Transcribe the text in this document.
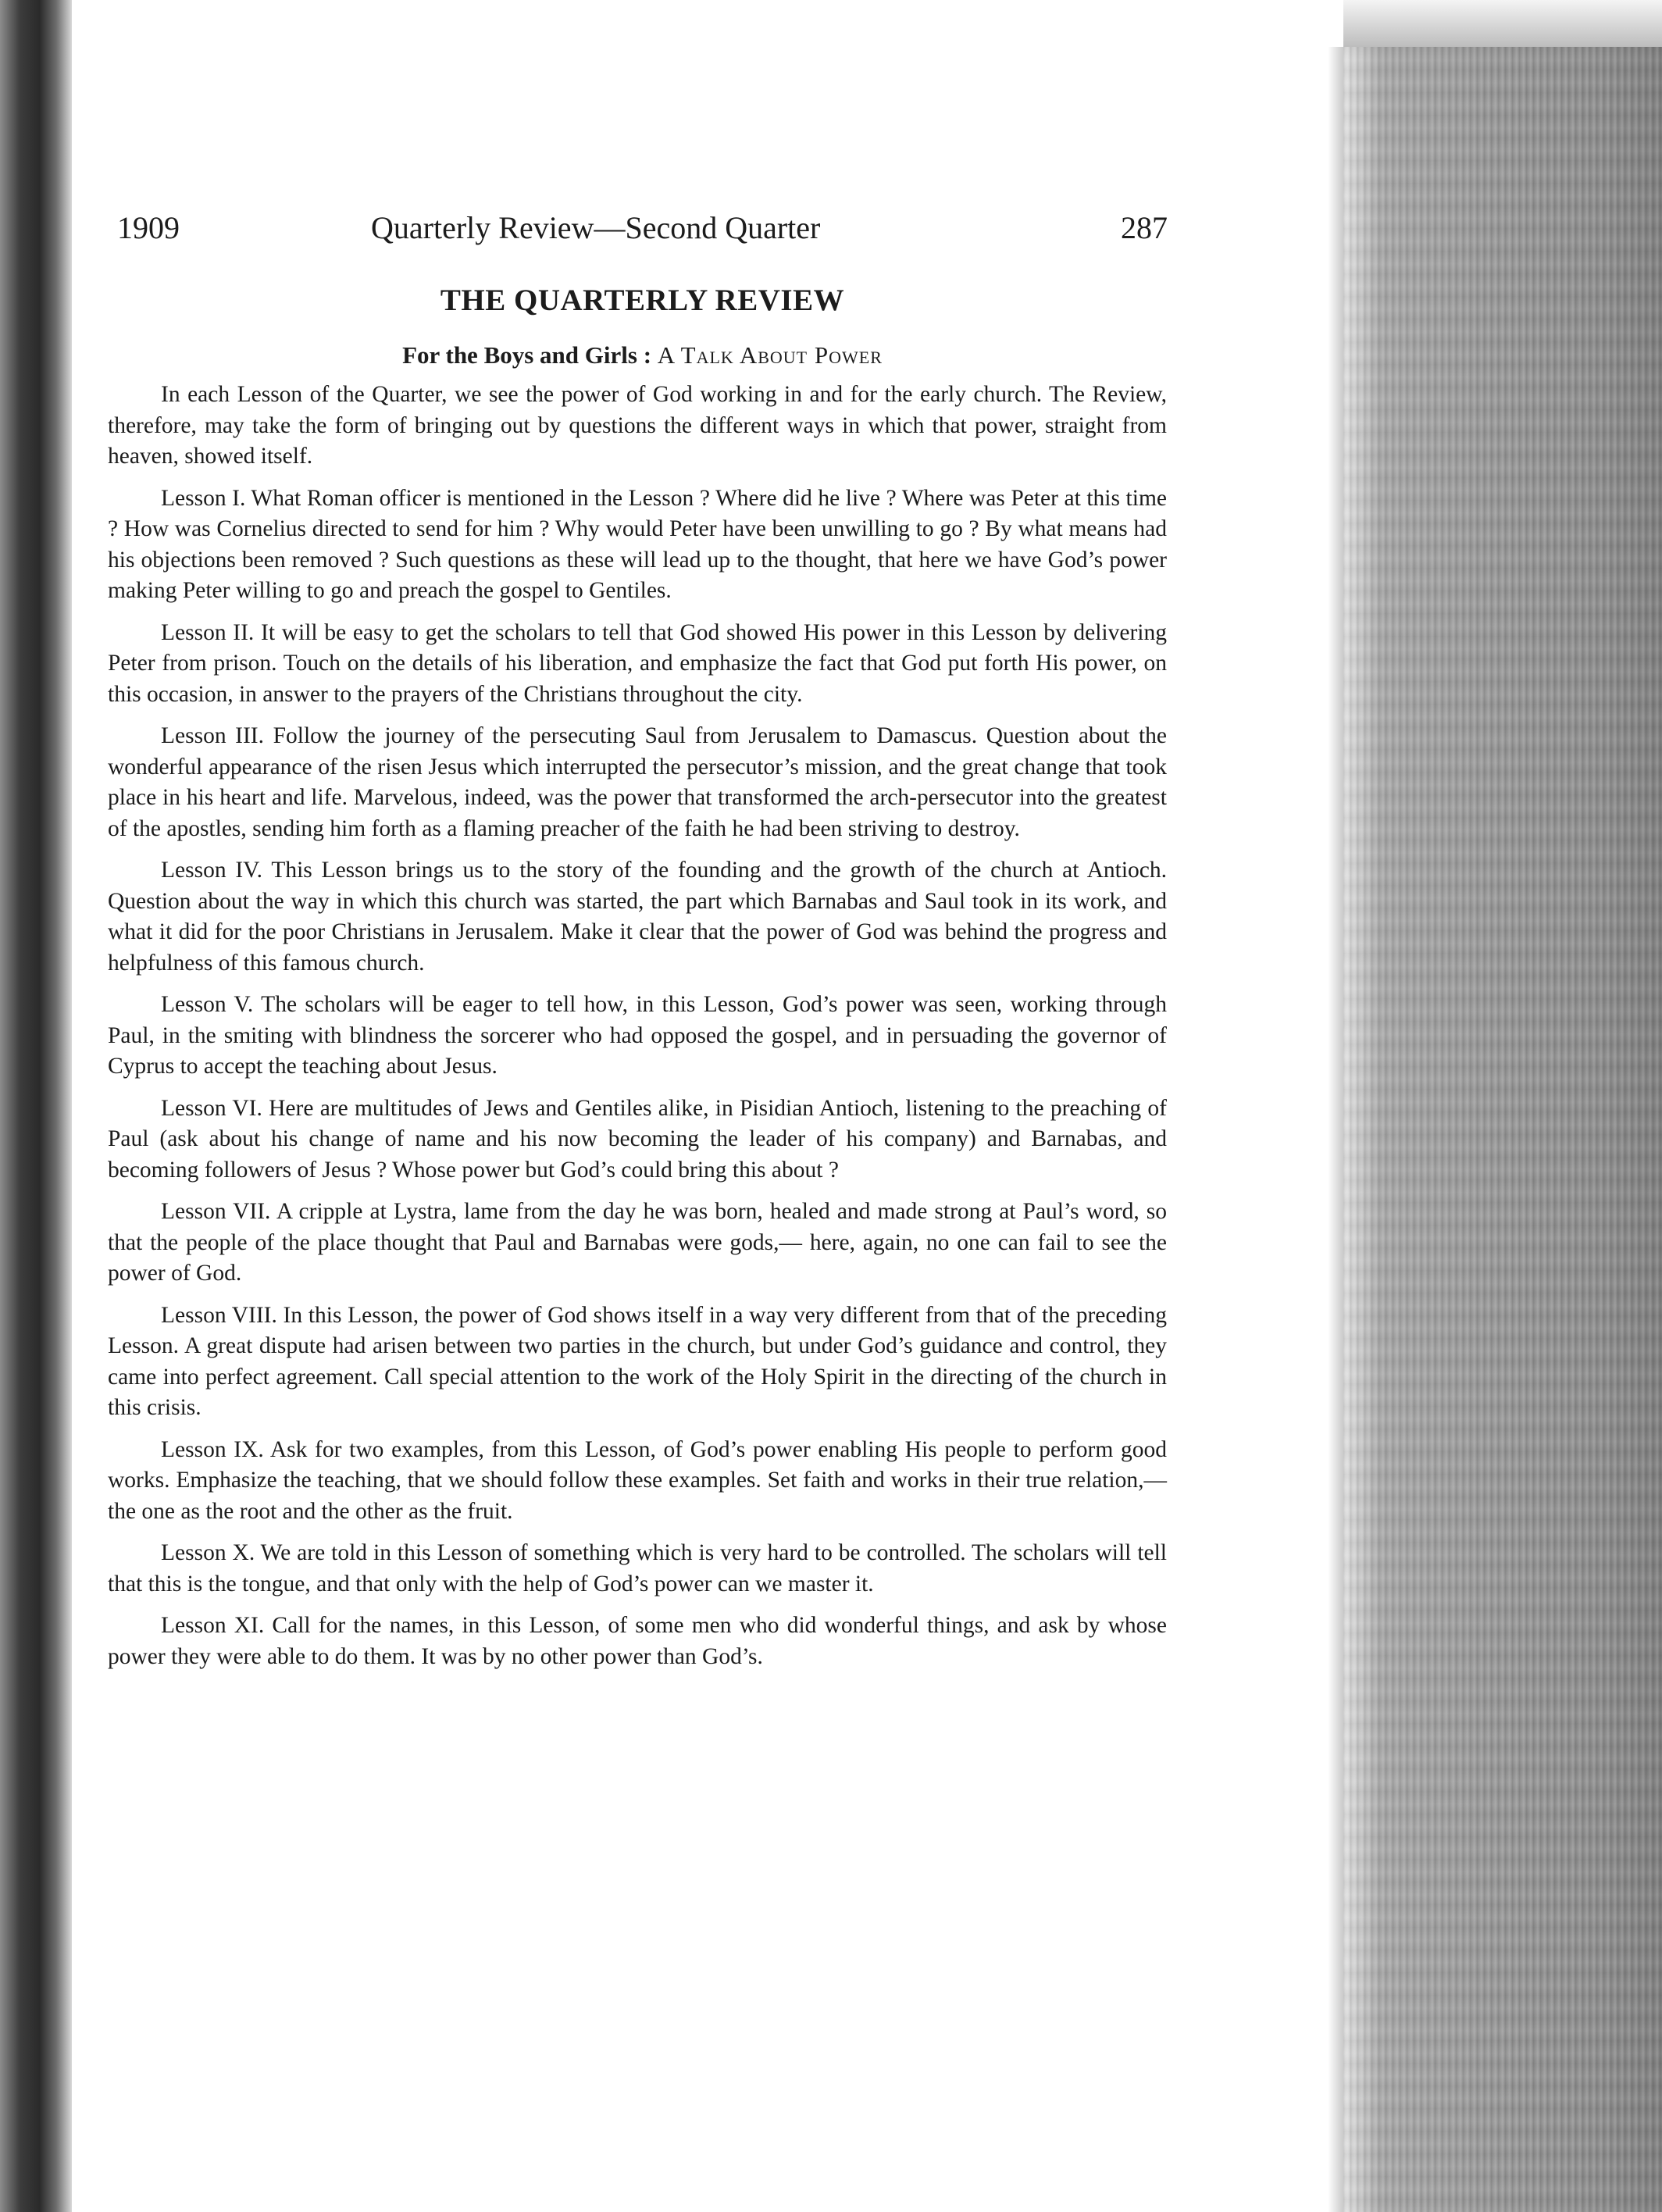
1909	Quarterly Review—Second Quarter	287
THE QUARTERLY REVIEW
For the Boys and Girls : A Talk About Power

In each Lesson of the Quarter, we see the power of God working in and for the early church. The Review, therefore, may take the form of bringing out by questions the different ways in which that power, straight from heaven, showed itself.

Lesson I. What Roman officer is mentioned in the Lesson ? Where did he live ? Where was Peter at this time ? How was Cornelius directed to send for him ? Why would Peter have been unwilling to go ? By what means had his objections been removed ? Such questions as these will lead up to the thought, that here we have God’s power making Peter willing to go and preach the gospel to Gentiles.

Lesson II. It will be easy to get the scholars to tell that God showed His power in this Lesson by delivering Peter from prison. Touch on the details of his liberation, and emphasize the fact that God put forth His power, on this occasion, in answer to the prayers of the Christians throughout the city.

Lesson III. Follow the journey of the persecuting Saul from Jerusalem to Damascus. Question about the wonderful appearance of the risen Jesus which interrupted the persecutor’s mission, and the great change that took place in his heart and life. Marvelous, indeed, was the power that transformed the arch-persecutor into the greatest of the apostles, sending him forth as a flaming preacher of the faith he had been striving to destroy.

Lesson IV. This Lesson brings us to the story of the founding and the growth of the church at Antioch. Question about the way in which this church was started, the part which Barnabas and Saul took in its work, and what it did for the poor Christians in Jerusalem. Make it clear that the power of God was behind the progress and helpfulness of this famous church.

Lesson V. The scholars will be eager to tell how, in this Lesson, God’s power was seen, working through Paul, in the smiting with blindness the sorcerer who had opposed the gospel, and in persuading the governor of Cyprus to accept the teaching about Jesus.

Lesson VI. Here are multitudes of Jews and Gentiles alike, in Pisidian Antioch, listening to the preaching of Paul (ask about his change of name and his now becoming the leader of his company) and Barnabas, and becoming followers of Jesus ? Whose power but God’s could bring this about ?

Lesson VII. A cripple at Lystra, lame from the day he was born, healed and made strong at Paul’s word, so that the people of the place thought that Paul and Barnabas were gods,— here, again, no one can fail to see the power of God.

Lesson VIII. In this Lesson, the power of God shows itself in a way very different from that of the preceding Lesson. A great dispute had arisen between two parties in the church, but under God’s guidance and control, they came into perfect agreement. Call special attention to the work of the Holy Spirit in the directing of the church in this crisis.

Lesson IX. Ask for two examples, from this Lesson, of God’s power enabling His people to perform good works. Emphasize the teaching, that we should follow these examples. Set faith and works in their true relation,—the one as the root and the other as the fruit.

Lesson X. We are told in this Lesson of something which is very hard to be controlled. The scholars will tell that this is the tongue, and that only with the help of God’s power can we master it.

Lesson XI. Call for the names, in this Lesson, of some men who did wonderful things, and ask by whose power they were able to do them. It was by no other power than God’s.
